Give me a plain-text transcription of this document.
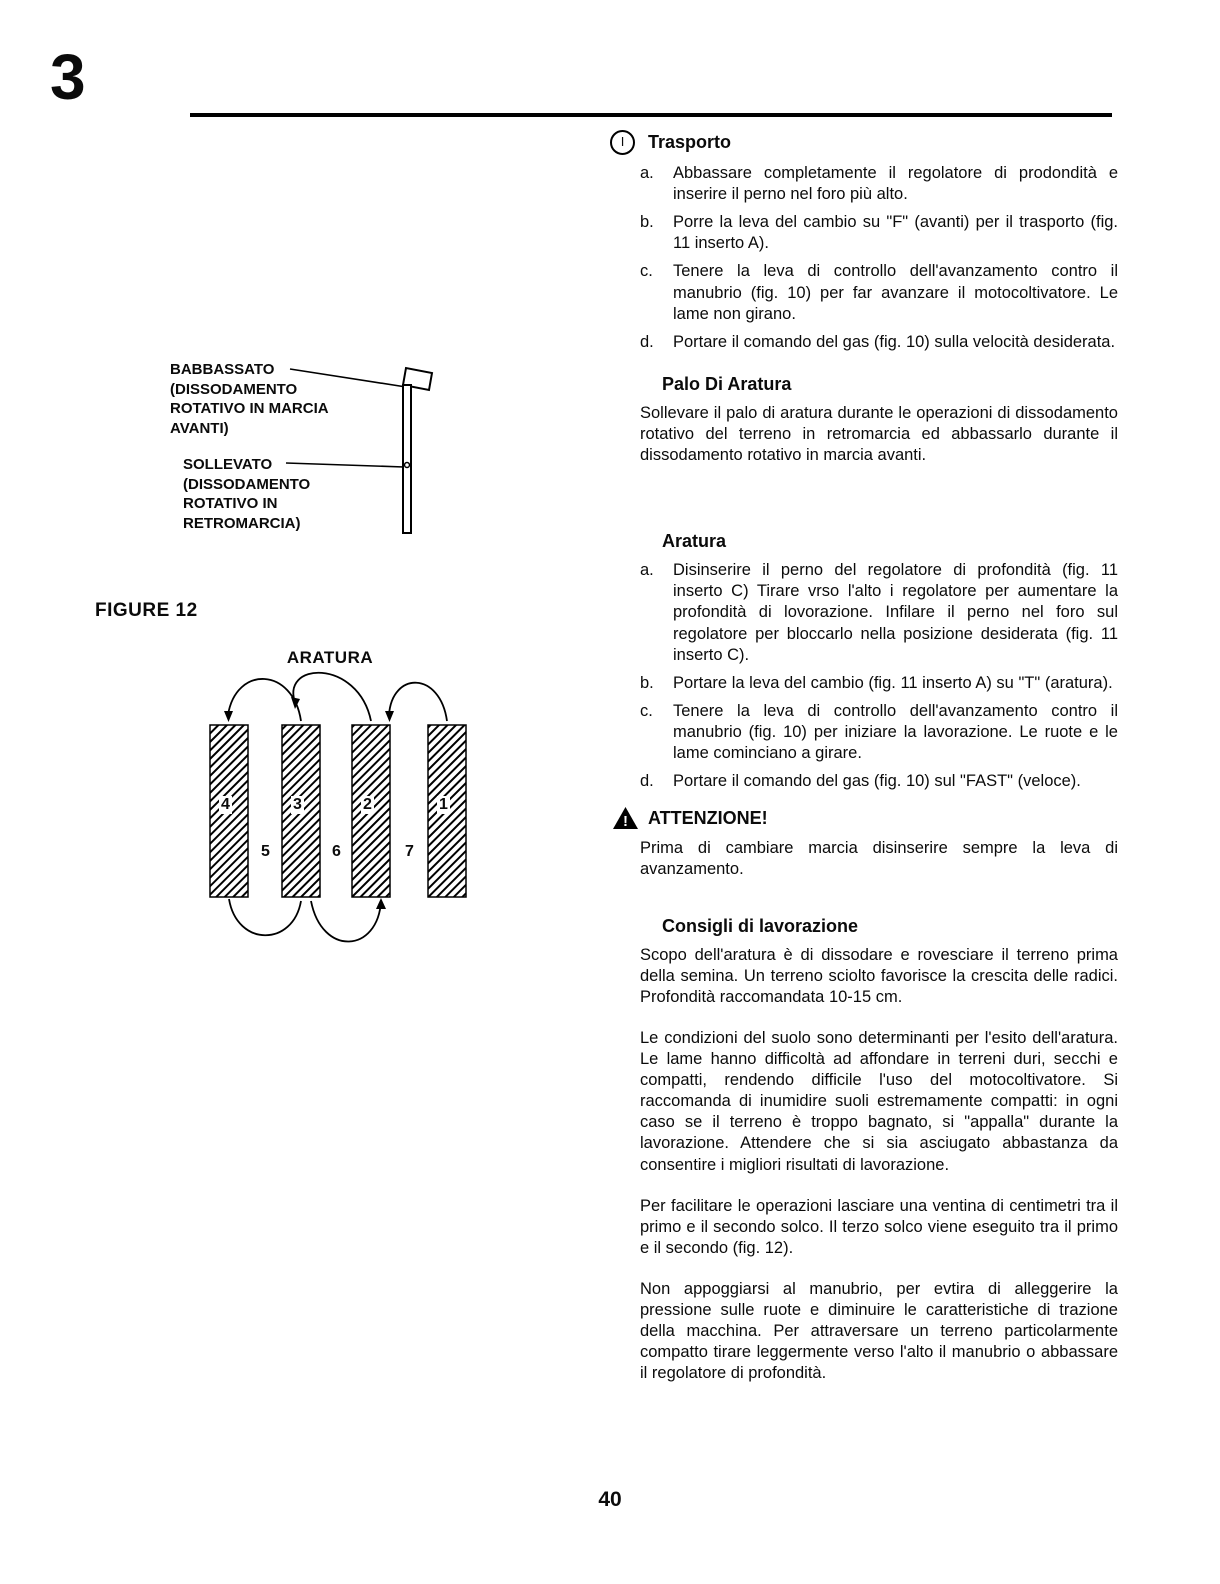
3
BABBASSATO (DISSODAMENTO ROTATIVO IN MARCIA AVANTI)
SOLLEVATO (DISSODAMENTO ROTATIVO IN RETROMARCIA)
FIGURE 12
ARATURA
4	3	2	1
5	6	7
I Trasporto
a.	Abbassare completamente il regolatore di prodondità e inserire il perno nel foro più alto.
b.	Porre la leva del cambio su "F" (avanti) per il trasporto (fig. 11 inserto A).
c.	Tenere la leva di controllo dell'avanzamento contro il manubrio (fig. 10) per far avanzare il motocoltivatore. Le lame non girano.
d.	Portare il comando del gas (fig. 10) sulla velocità desiderata.
Palo Di Aratura
Sollevare il palo di aratura durante le operazioni di dissodamento rotativo del terreno in retromarcia ed abbassarlo durante il dissodamento rotativo in marcia avanti.
Aratura
a.	Disinserire il perno del regolatore di profondità (fig. 11 inserto C) Tirare vrso l'alto i regolatore per aumentare la profondità di lovorazione. Infilare il perno nel foro sul regolatore per bloccarlo nella posizione desiderata (fig. 11 inserto C).
b.	Portare la leva del cambio (fig. 11 inserto A) su "T" (aratura).
c.	Tenere la leva di controllo dell'avanzamento contro il manubrio (fig. 10) per iniziare la lavorazione. Le ruote e le lame cominciano a girare.
d.	Portare il comando del gas (fig. 10) sul "FAST" (veloce).
! ATTENZIONE!
Prima di cambiare marcia disinserire sempre la leva di avanzamento.
Consigli di lavorazione
Scopo dell'aratura è di dissodare e rovesciare il terreno prima della semina. Un terreno sciolto favorisce la crescita delle radici. Profondità raccomandata 10-15 cm.
Le condizioni del suolo sono determinanti per l'esito dell'aratura. Le lame hanno difficoltà ad affondare in terreni duri, secchi e compatti, rendendo difficile l'uso del motocoltivatore. Si raccomanda di inumidire suoli estremamente compatti: in ogni caso se il terreno è troppo bagnato, si "appalla" durante la lavorazione. Attendere che si sia asciugato abbastanza da consentire i migliori risultati di lavorazione.
Per facilitare le operazioni lasciare una ventina di centimetri tra il primo e il secondo solco. Il terzo solco viene eseguito tra il primo e il secondo (fig. 12).
Non appoggiarsi al manubrio, per evtira di alleggerire la pressione sulle ruote e diminuire le caratteristiche di trazione della macchina. Per attraversare un terreno particolarmente compatto tirare leggermente verso l'alto il manubrio o abbassare il regolatore di profondità.
40
